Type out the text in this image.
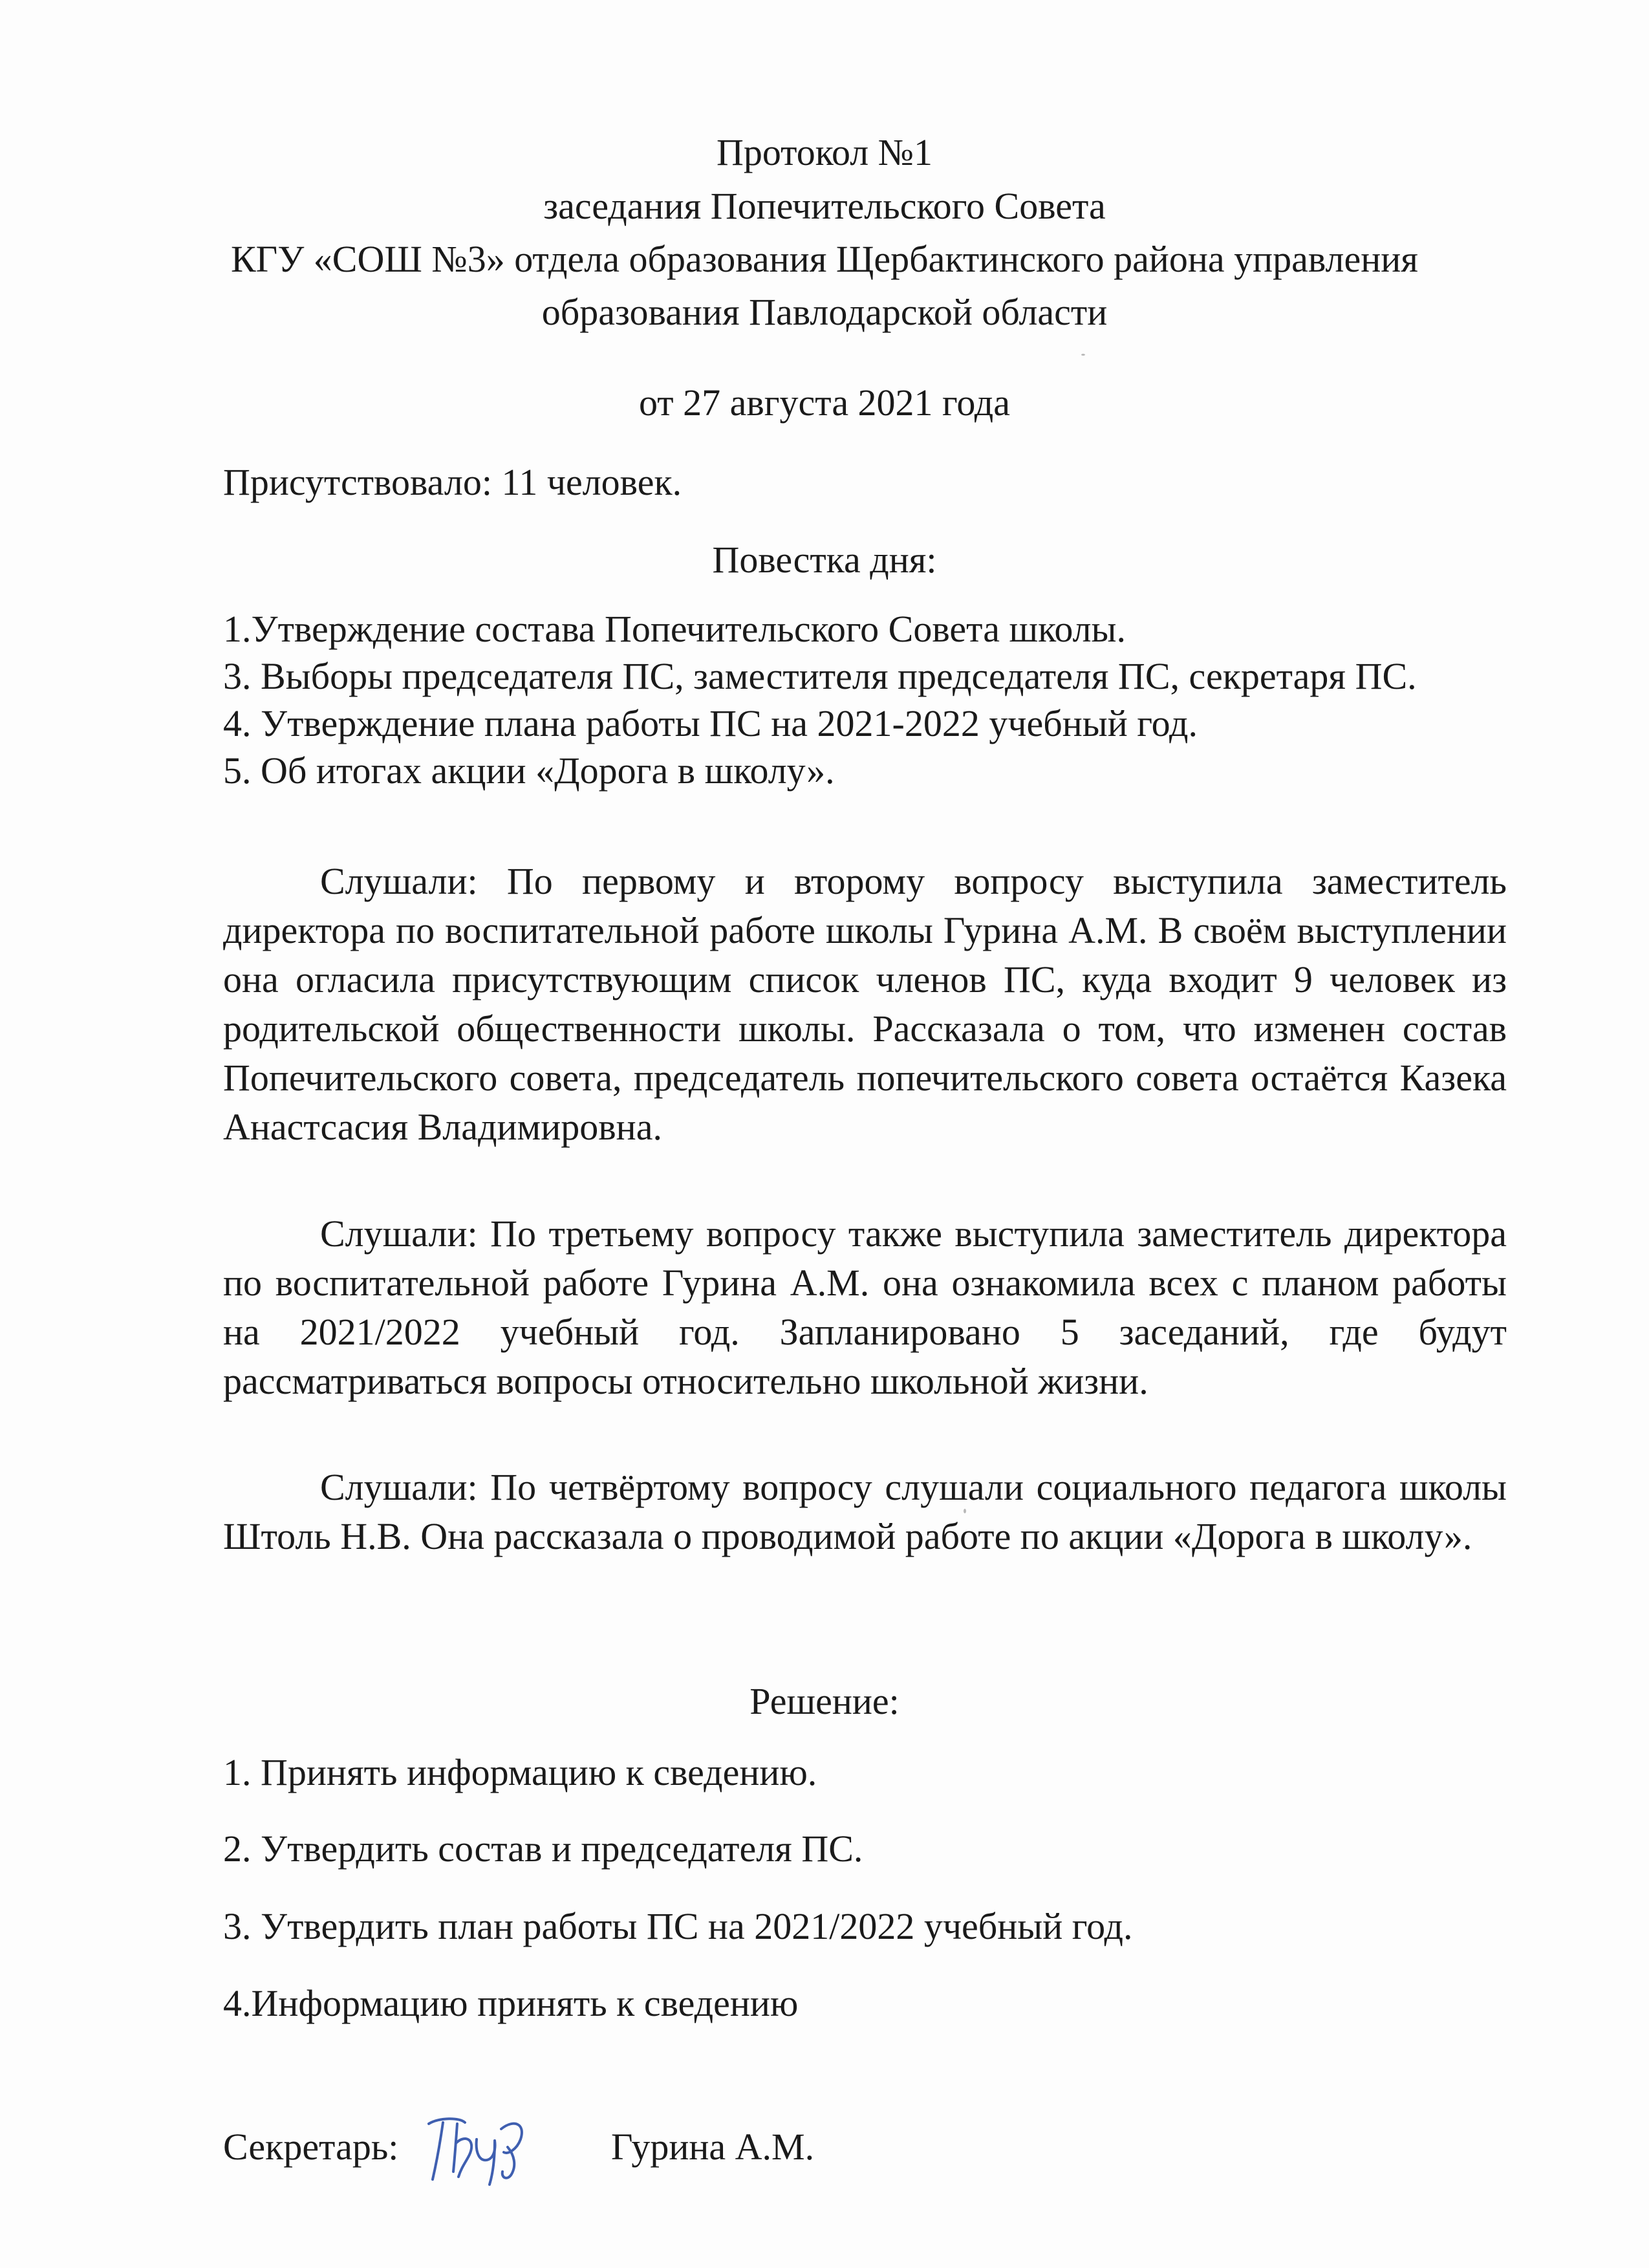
Протокол №1
заседания Попечительского Совета
КГУ «СОШ №3» отдела образования Щербактинского района управления
образования Павлодарской области
от 27 августа 2021 года
Присутствовало: 11 человек.
Повестка дня:
1.Утверждение состава Попечительского Совета школы.
3. Выборы председателя ПС, заместителя председателя ПС, секретаря ПС.
4. Утверждение плана работы ПС на 2021-2022 учебный год.
5. Об итогах акции «Дорога в школу».
Слушали: По первому и второму вопросу выступила заместитель директора по воспитательной работе школы Гурина А.М. В своём выступлении она огласила присутствующим список членов ПС, куда входит 9 человек из родительской общественности школы. Рассказала о том, что изменен состав Попечительского совета, председатель попечительского совета остаётся Казека Анастсасия Владимировна.
Слушали: По третьему вопросу также выступила заместитель директора по воспитательной работе Гурина А.М. она ознакомила всех с планом работы на 2021/2022 учебный год. Запланировано 5 заседаний, где будут рассматриваться вопросы относительно школьной жизни.
Слушали: По четвёртому вопросу слушали социального педагога школы Штоль Н.В. Она рассказала о проводимой работе по акции «Дорога в школу».
Решение:
1. Принять информацию к сведению.
2. Утвердить состав и председателя ПС.
3. Утвердить план работы ПС на 2021/2022 учебный год.
4.Информацию принять к сведению
Секретарь:	Гурина А.М.
